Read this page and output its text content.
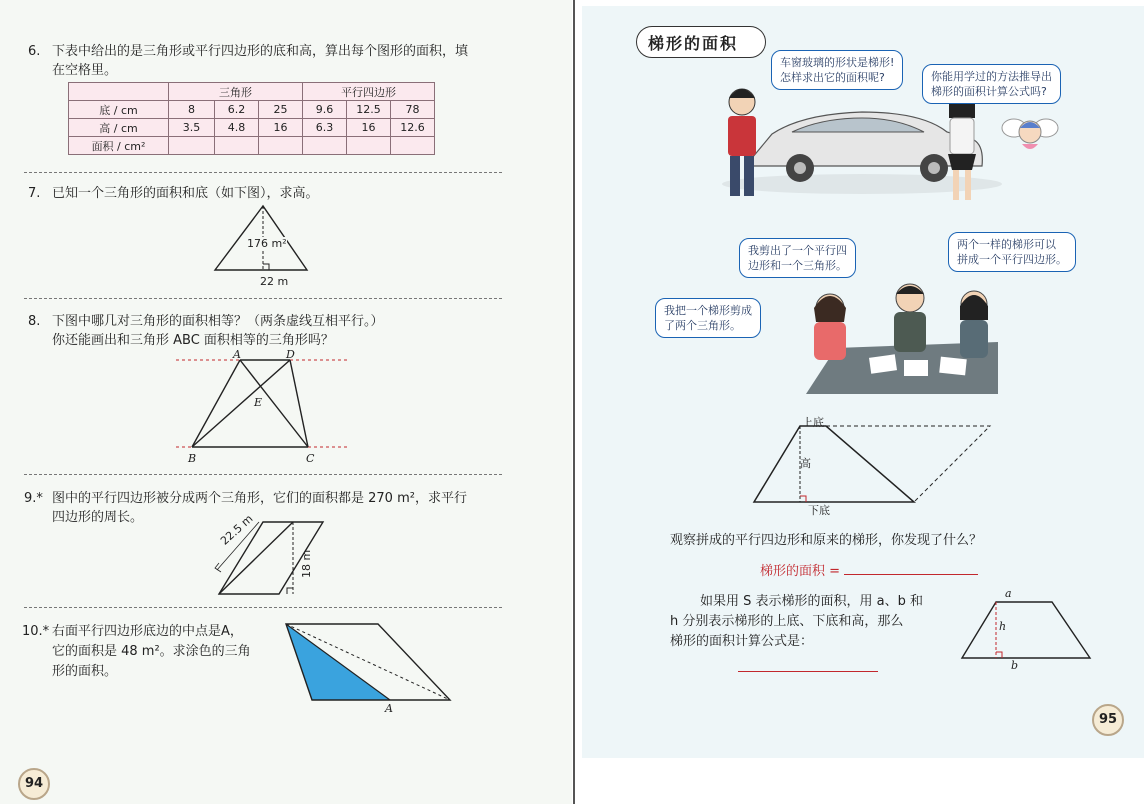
6. 下表中给出的是三角形或平行四边形的底和高，算出每个图形的面积，填
在空格里。
	三角形			平行四边形		
底 / cm	8	6.2	25	9.6	12.5	78
高 / cm	3.5	4.8	16	6.3	16	12.6
面积 / cm²						
7. 已知一个三角形的面积和底（如下图），求高。
176 m²
22 m
8. 下图中哪几对三角形的面积相等？（两条虚线互相平行。）
你还能画出和三角形 ABC 面积相等的三角形吗？
A	D
E
B	C
9.* 图中的平行四边形被分成两个三角形，它们的面积都是 270 m²，求平行
四边形的周长。	22.5 m
18 m
10.* 右面平行四边形底边的中点是A，
它的面积是 48 m²。求涂色的三角
形的面积。
A
94
梯形的面积
车窗玻璃的形状是梯形!
怎样求出它的面积呢?	你能用学过的方法推导出
梯形的面积计算公式吗?
我剪出了一个平行四
边形和一个三角形。
两个一样的梯形可以
拼成一个平行四边形。
我把一个梯形剪成
了两个三角形。
上底
高
下底
观察拼成的平行四边形和原来的梯形，你发现了什么？
梯形的面积 =
如果用 S 表示梯形的面积，用 a、b 和
h 分别表示梯形的上底、下底和高，那么
梯形的面积计算公式是：
a
h
b
95
